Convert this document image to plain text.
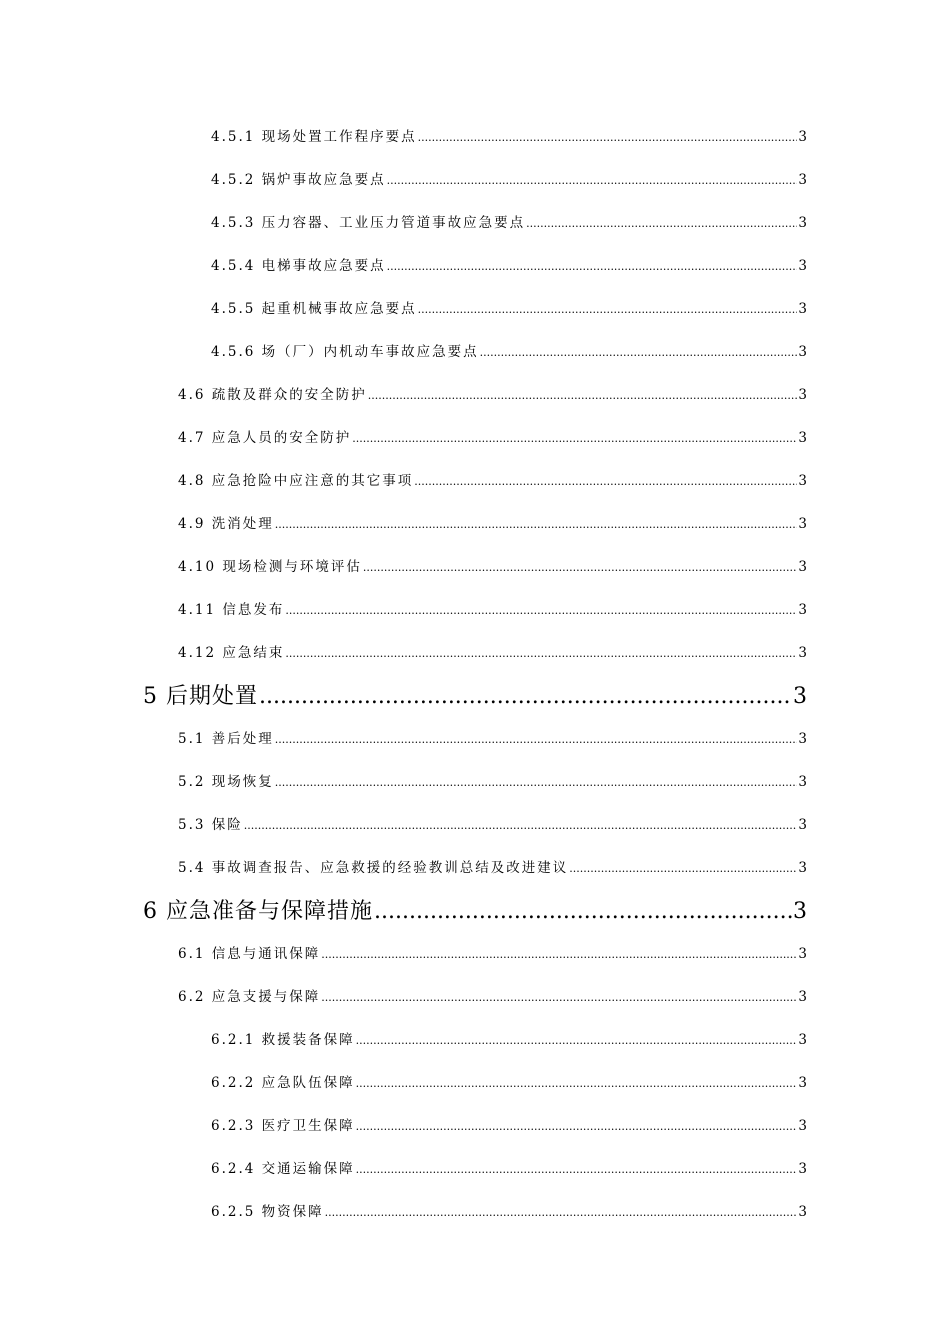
4.5.1 现场处置工作程序要点 .....	3
4.5.2 锅炉事故应急要点 .....	3
4.5.3 压力容器、工业压力管道事故应急要点 .....	3
4.5.4 电梯事故应急要点 .....	3
4.5.5 起重机械事故应急要点 .....	3
4.5.6 场（厂）内机动车事故应急要点 .....	3
4.6 疏散及群众的安全防护 .....	3
4.7 应急人员的安全防护 .....	3
4.8 应急抢险中应注意的其它事项 .....	3
4.9 洗消处理 .....	3
4.10 现场检测与环境评估 .....	3
4.11 信息发布 .....	3
4.12 应急结束 .....	3
5 后期处置 .....	3
5.1 善后处理 .....	3
5.2 现场恢复 .....	3
5.3 保险 .....	3
5.4 事故调查报告、应急救援的经验教训总结及改进建议 .....	3
6 应急准备与保障措施 .....	3
6.1 信息与通讯保障 .....	3
6.2 应急支援与保障 .....	3
6.2.1 救援装备保障 .....	3
6.2.2 应急队伍保障 .....	3
6.2.3 医疗卫生保障 .....	3
6.2.4 交通运输保障 .....	3
6.2.5 物资保障 .....	3
